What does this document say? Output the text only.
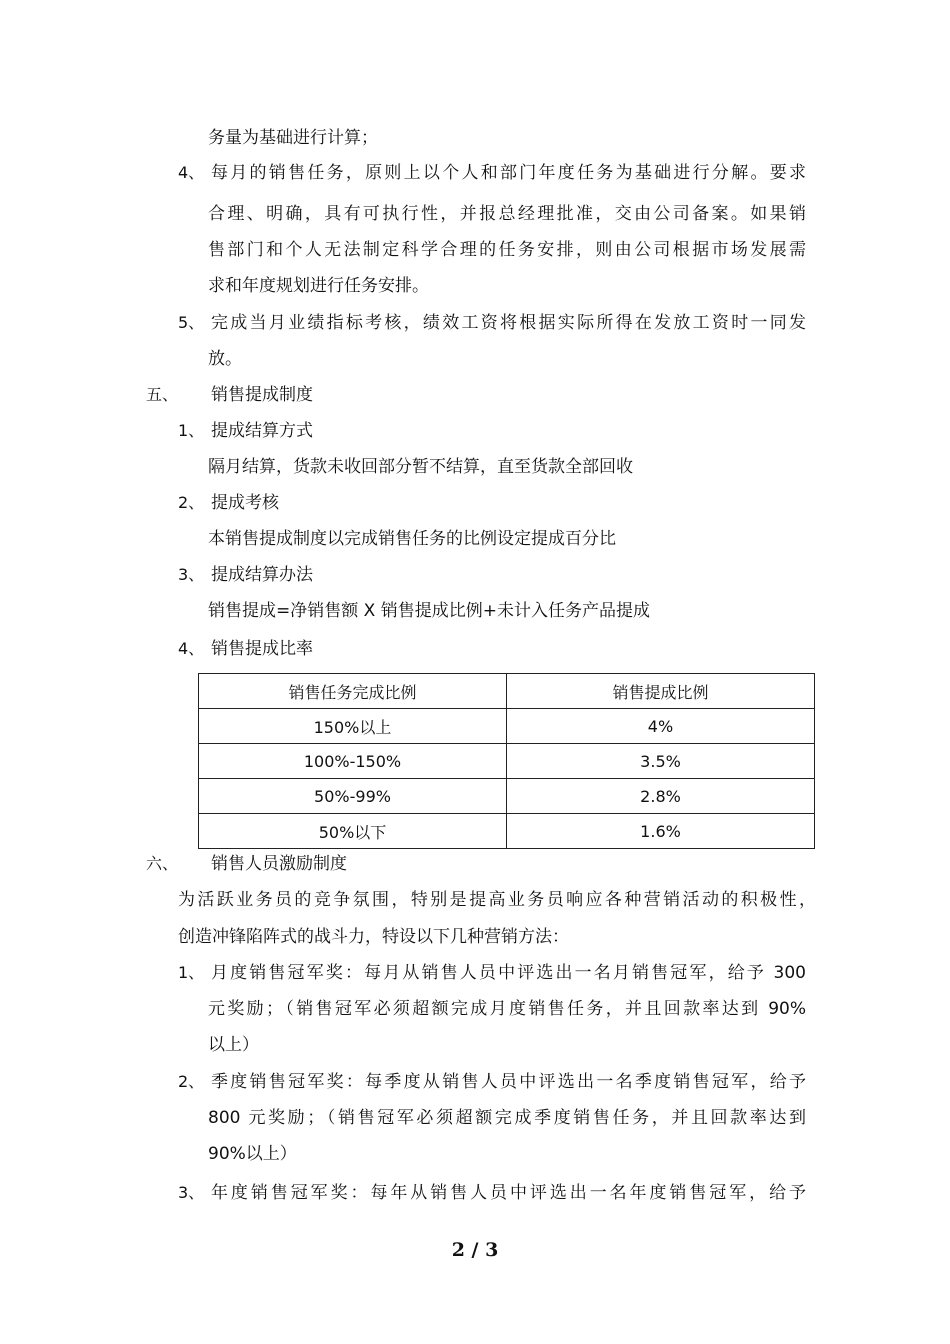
务量为基础进行计算；
4、 每月的销售任务，原则上以个人和部门年度任务为基础进行分解。要求
合理、明确，具有可执行性，并报总经理批准，交由公司备案。如果销
售部门和个人无法制定科学合理的任务安排，则由公司根据市场发展需
求和年度规划进行任务安排。
5、 完成当月业绩指标考核，绩效工资将根据实际所得在发放工资时一同发
放。
五、 销售提成制度
1、 提成结算方式
隔月结算，货款未收回部分暂不结算，直至货款全部回收
2、 提成考核
本销售提成制度以完成销售任务的比例设定提成百分比
3、 提成结算办法
销售提成=净销售额 X 销售提成比例+未计入任务产品提成
4、 销售提成比率
销售任务完成比例	销售提成比例
150%以上	4%
100%-150%	3.5%
50%-99%	2.8%
50%以下	1.6%
六、 销售人员激励制度
为活跃业务员的竞争氛围，特别是提高业务员响应各种营销活动的积极性，
创造冲锋陷阵式的战斗力，特设以下几种营销方法：
1、 月度销售冠军奖：每月从销售人员中评选出一名月销售冠军，给予 300
元奖励；（销售冠军必须超额完成月度销售任务，并且回款率达到 90%
以上）
2、 季度销售冠军奖：每季度从销售人员中评选出一名季度销售冠军，给予
800 元奖励；（销售冠军必须超额完成季度销售任务，并且回款率达到
90%以上）
3、 年度销售冠军奖：每年从销售人员中评选出一名年度销售冠军，给予
2 / 3
